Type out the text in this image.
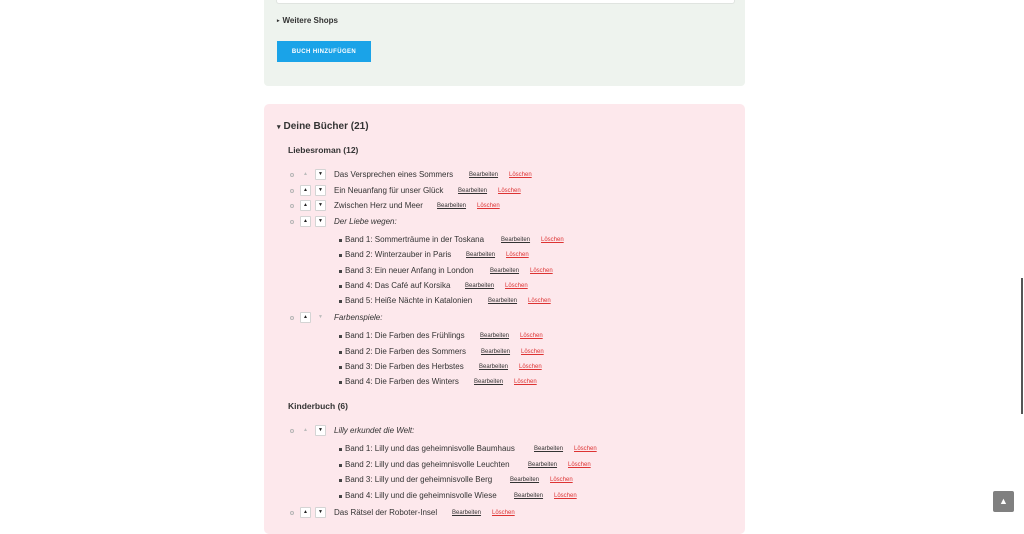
▸ Weitere Shops
BUCH HINZUFÜGEN
▾ Deine Bücher (21)
Liebesroman (12)
▲	▼	Das Versprechen eines Sommers	Bearbeiten Löschen
▲	▼	Ein Neuanfang für unser Glück Bearbeiten Löschen
▲	▼	Zwischen Herz und Meer Bearbeiten Löschen
▲	▼	Der Liebe wegen:
Band 1: Sommerträume in der Toskana	Bearbeiten Löschen
Band 2: Winterzauber in Paris Bearbeiten Löschen
Band 3: Ein neuer Anfang in London	Bearbeiten Löschen
Band 4: Das Café auf Korsika Bearbeiten Löschen
Band 5: Heiße Nächte in Katalonien	Bearbeiten Löschen
▲	▼	Farbenspiele:
Band 1: Die Farben des Frühlings	Bearbeiten Löschen
Band 2: Die Farben des Sommers	Bearbeiten Löschen
Band 3: Die Farben des Herbstes	Bearbeiten Löschen
Band 4: Die Farben des Winters	Bearbeiten Löschen
Kinderbuch (6)
▲	▼	Lilly erkundet die Welt:
Band 1: Lilly und das geheimnisvolle Baumhaus	Bearbeiten Löschen
Band 2: Lilly und das geheimnisvolle Leuchten	Bearbeiten Löschen
Band 3: Lilly und der geheimnisvolle Berg	Bearbeiten Löschen
Band 4: Lilly und die geheimnisvolle Wiese	Bearbeiten Löschen
▲	▼	Das Rätsel der Roboter-Insel Bearbeiten Löschen
▲
